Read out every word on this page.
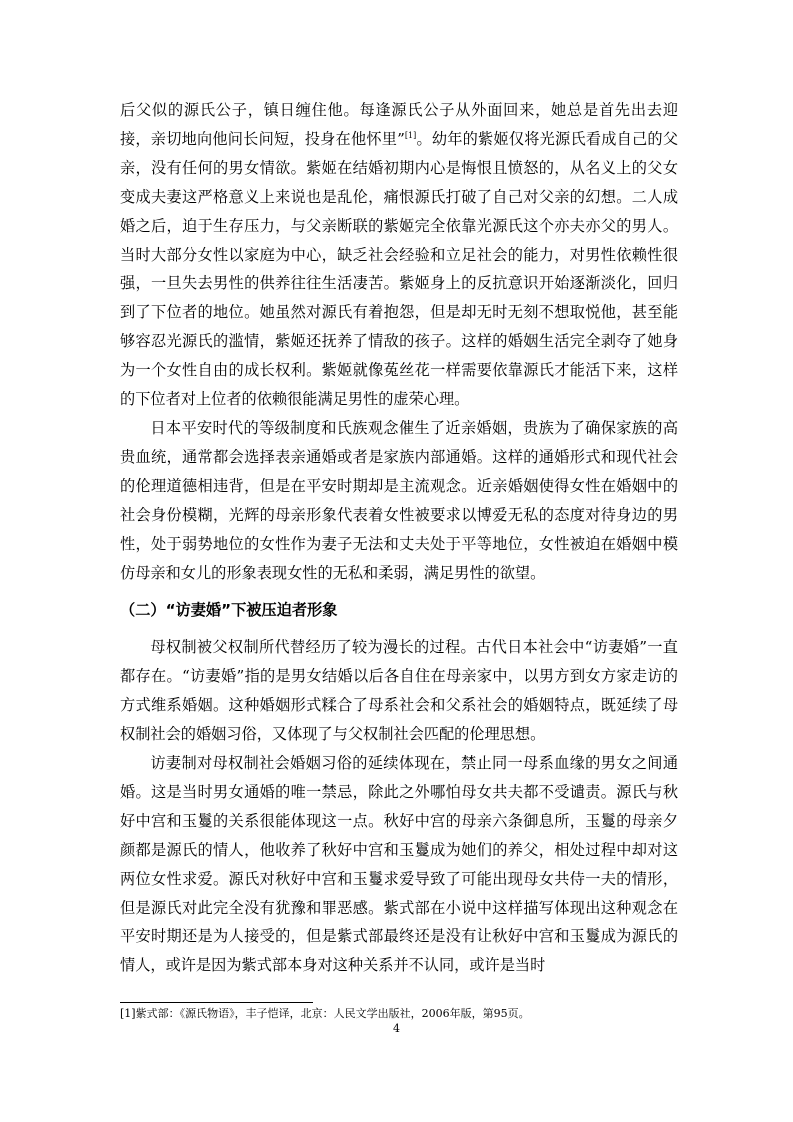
后父似的源氏公子，镇日缠住他。每逢源氏公子从外面回来，她总是首先出去迎接，亲切地向他问长问短，投身在他怀里”[1]。幼年的紫姬仅将光源氏看成自己的父亲，没有任何的男女情欲。紫姬在结婚初期内心是悔恨且愤怒的，从名义上的父女变成夫妻这严格意义上来说也是乱伦，痛恨源氏打破了自己对父亲的幻想。二人成婚之后，迫于生存压力，与父亲断联的紫姬完全依靠光源氏这个亦夫亦父的男人。当时大部分女性以家庭为中心，缺乏社会经验和立足社会的能力，对男性依赖性很强，一旦失去男性的供养往往生活凄苦。紫姬身上的反抗意识开始逐渐淡化，回归到了下位者的地位。她虽然对源氏有着抱怨，但是却无时无刻不想取悦他，甚至能够容忍光源氏的滥情，紫姬还抚养了情敌的孩子。这样的婚姻生活完全剥夺了她身为一个女性自由的成长权利。紫姬就像菟丝花一样需要依靠源氏才能活下来，这样的下位者对上位者的依赖很能满足男性的虚荣心理。

日本平安时代的等级制度和氏族观念催生了近亲婚姻，贵族为了确保家族的高贵血统，通常都会选择表亲通婚或者是家族内部通婚。这样的通婚形式和现代社会的伦理道德相违背，但是在平安时期却是主流观念。近亲婚姻使得女性在婚姻中的社会身份模糊，光辉的母亲形象代表着女性被要求以博爱无私的态度对待身边的男性，处于弱势地位的女性作为妻子无法和丈夫处于平等地位，女性被迫在婚姻中模仿母亲和女儿的形象表现女性的无私和柔弱，满足男性的欲望。

（二）“访妻婚”下被压迫者形象

母权制被父权制所代替经历了较为漫长的过程。古代日本社会中“访妻婚”一直都存在。“访妻婚”指的是男女结婚以后各自住在母亲家中，以男方到女方家走访的方式维系婚姻。这种婚姻形式糅合了母系社会和父系社会的婚姻特点，既延续了母权制社会的婚姻习俗，又体现了与父权制社会匹配的伦理思想。

访妻制对母权制社会婚姻习俗的延续体现在，禁止同一母系血缘的男女之间通婚。这是当时男女通婚的唯一禁忌，除此之外哪怕母女共夫都不受谴责。源氏与秋好中宫和玉鬘的关系很能体现这一点。秋好中宫的母亲六条御息所，玉鬘的母亲夕颜都是源氏的情人，他收养了秋好中宫和玉鬘成为她们的养父，相处过程中却对这两位女性求爱。源氏对秋好中宫和玉鬘求爱导致了可能出现母女共侍一夫的情形，但是源氏对此完全没有犹豫和罪恶感。紫式部在小说中这样描写体现出这种观念在平安时期还是为人接受的，但是紫式部最终还是没有让秋好中宫和玉鬘成为源氏的情人，或许是因为紫式部本身对这种关系并不认同，或许是当时

[1]紫式部：《源氏物语》，丰子恺译，北京：人民文学出版社，2006年版，第95页。
4
